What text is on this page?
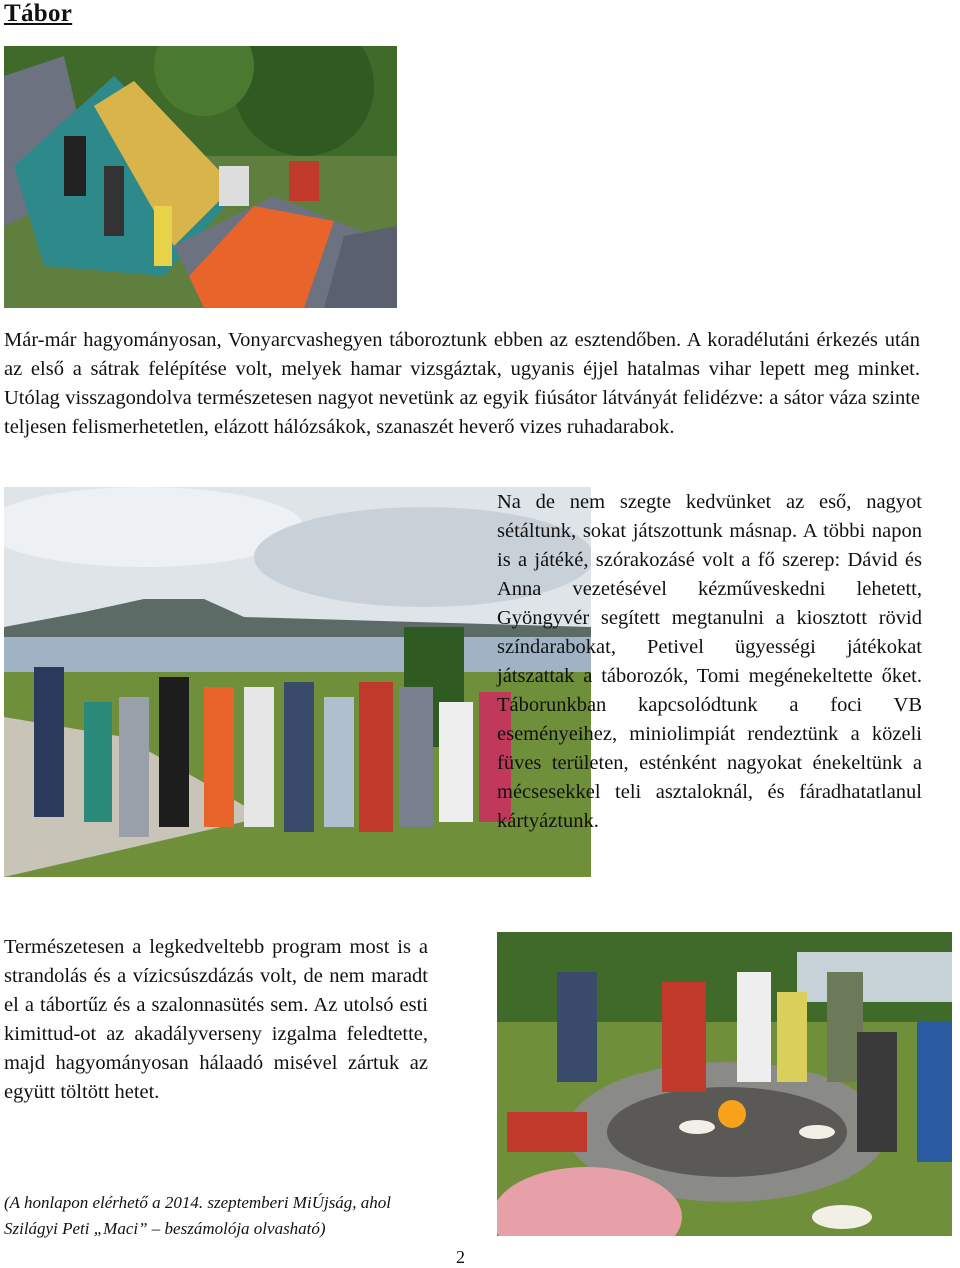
Tábor
Már-már hagyományosan, Vonyarcvashegyen táboroztunk ebben az esztendőben. A koradélutáni érkezés után az első a sátrak felépítése volt, melyek hamar vizsgáztak, ugyanis éjjel hatalmas vihar lepett meg minket. Utólag visszagondolva természetesen nagyot nevetünk az egyik fiúsátor látványát felidézve: a sátor váza szinte teljesen felismerhetetlen, elázott hálózsákok, szanaszét heverő vizes ruhadarabok.
Na de nem szegte kedvünket az eső, nagyot sétáltunk, sokat játszottunk másnap. A többi napon is a játéké, szórakozásé volt a fő szerep: Dávid és Anna vezetésével kézműveskedni lehetett, Gyöngyvér segített megtanulni a kiosztott rövid színdarabokat, Petivel ügyességi játékokat játszattak a táborozók, Tomi megénekeltette őket. Táborunkban kapcsolódtunk a foci VB eseményeihez, miniolimpiát rendeztünk a közeli füves területen, esténként nagyokat énekeltünk a mécsesekkel teli asztaloknál, és fáradhatatlanul kártyáztunk.
Természetesen a legkedveltebb program most is a strandolás és a vízicsúszdázás volt, de nem maradt el a tábortűz és a szalonnasütés sem. Az utolsó esti kimittud-ot az akadályverseny izgalma feledtette, majd hagyományosan hálaadó misével zártuk az együtt töltött hetet.
(A honlapon elérhető a 2014. szeptemberi MiÚjság, ahol Szilágyi Peti „Maci” – beszámolója olvasható)
2
